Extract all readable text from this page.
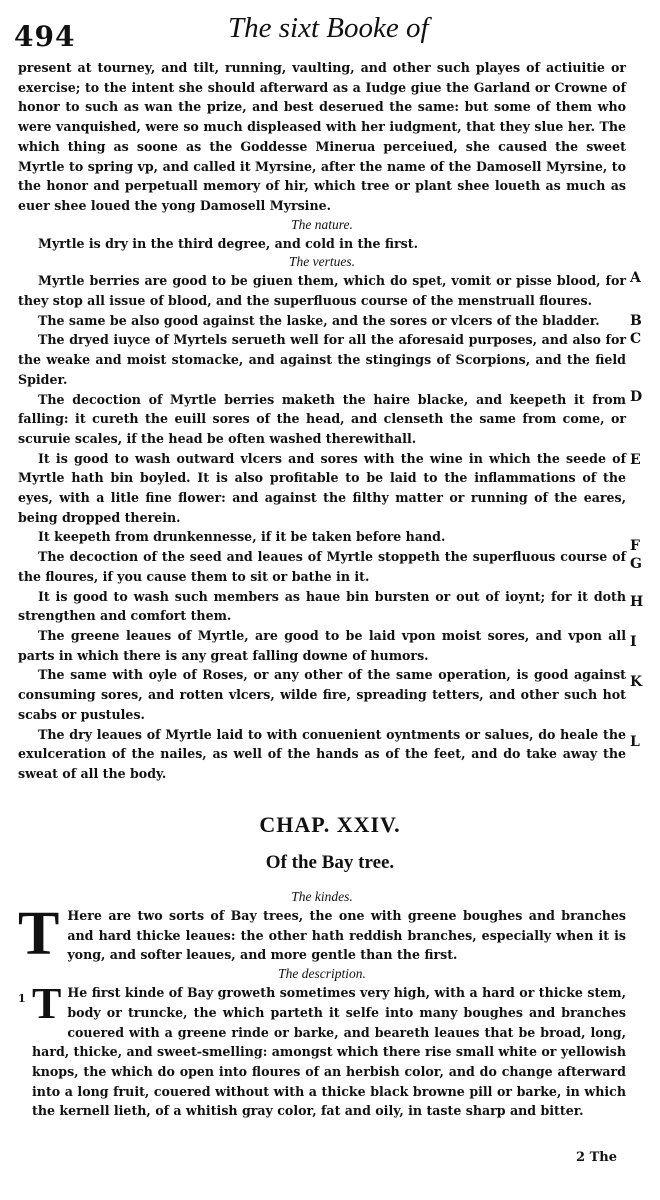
494	The sixt Booke of

present at tourney, and tilt, running, vaulting, and other such playes of actiuitie or exercise; to the intent she should afterward as a Iudge giue the Garland or Crowne of honor to such as wan the prize, and best deserued the same: but some of them who were vanquished, were so much displeased with her iudgment, that they slue her. The which thing as soone as the Goddesse Minerua perceiued, she caused the sweet Myrtle to spring vp, and called it Myrsine, after the name of the Damosell Myrsine, to the honor and perpetuall memory of hir, which tree or plant shee loueth as much as euer shee loued the yong Damosell Myrsine.

The nature.

Myrtle is dry in the third degree, and cold in the first.

The vertues.

Myrtle berries are good to be giuen them, which do spet, vomit or pisse blood, for they stop all issue of blood, and the superfluous course of the menstruall floures.

The same be also good against the laske, and the sores or vlcers of the bladder.

The dryed iuyce of Myrtels serueth well for all the aforesaid purposes, and also for the weake and moist stomacke, and against the stingings of Scorpions, and the field Spider.

The decoction of Myrtle berries maketh the haire blacke, and keepeth it from falling: it cureth the euill sores of the head, and clenseth the same from come, or scuruie scales, if the head be often washed therewithall.

It is good to wash outward vlcers and sores with the wine in which the seede of Myrtle hath bin boyled. It is also profitable to be laid to the inflammations of the eyes, with a litle fine flower: and against the filthy matter or running of the eares, being dropped therein.

It keepeth from drunkennesse, if it be taken before hand.

The decoction of the seed and leaues of Myrtle stoppeth the superfluous course of the floures, if you cause them to sit or bathe in it.

It is good to wash such members as haue bin bursten or out of ioynt; for it doth strengthen and comfort them.

The greene leaues of Myrtle, are good to be laid vpon moist sores, and vpon all parts in which there is any great falling downe of humors.

The same with oyle of Roses, or any other of the same operation, is good against consuming sores, and rotten vlcers, wilde fire, spreading tetters, and other such hot scabs or pustules.

The dry leaues of Myrtle laid to with conuenient oyntments or salues, do heale the exulceration of the nailes, as well of the hands as of the feet, and do take away the sweat of all the body.

A
B
C
D
E
F
G
H
I
K
L
CHAP. XXIV.
Of the Bay tree.
The kindes.

T Here are two sorts of Bay trees, the one with greene boughes and branches and hard thicke leaues: the other hath reddish branches, especially when it is yong, and softer leaues, and more gentle than the first.

The description.

1 T He first kinde of Bay groweth sometimes very high, with a hard or thicke stem, body or truncke, the which parteth it selfe into many boughes and branches couered with a greene rinde or barke, and beareth leaues that be broad, long, hard, thicke, and sweet-smelling: amongst which there rise small white or yellowish knops, the which do open into floures of an herbish color, and do change afterward into a long fruit, couered without with a thicke black browne pill or barke, in which the kernell lieth, of a whitish gray color, fat and oily, in taste sharp and bitter.

2 The
